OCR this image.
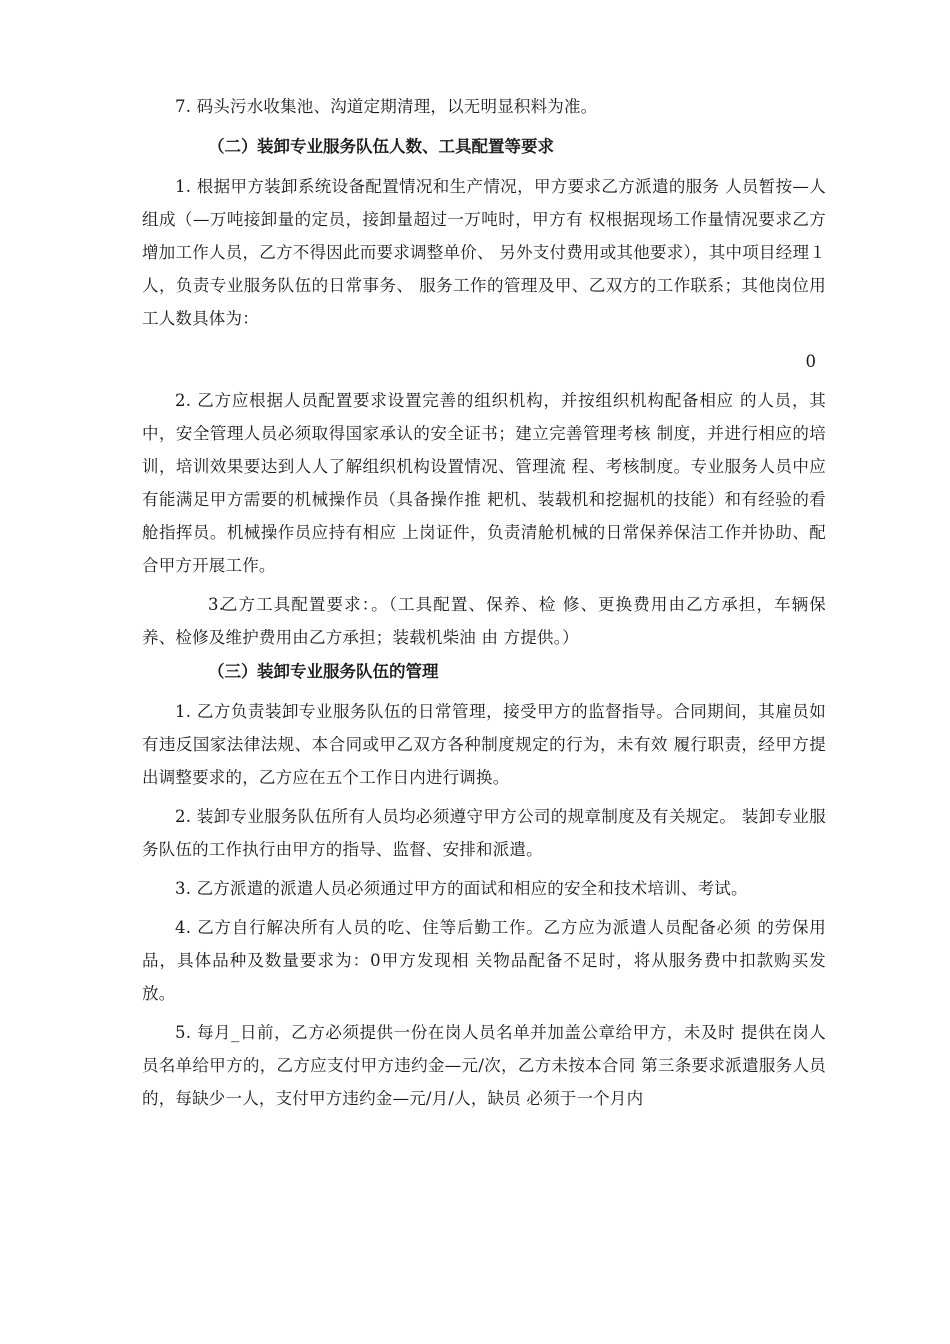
7. 码头污水收集池、沟道定期清理，以无明显积料为准。

（二）装卸专业服务队伍人数、工具配置等要求

1. 根据甲方装卸系统设备配置情况和生产情况，甲方要求乙方派遣的服务 人员暂按—人组成（—万吨接卸量的定员，接卸量超过一万吨时，甲方有 权根据现场工作量情况要求乙方增加工作人员，乙方不得因此而要求调整单价、 另外支付费用或其他要求），其中项目经理１人，负责专业服务队伍的日常事务、 服务工作的管理及甲、乙双方的工作联系；其他岗位用工人数具体为：

0

2. 乙方应根据人员配置要求设置完善的组织机构，并按组织机构配备相应 的人员，其中，安全管理人员必须取得国家承认的安全证书；建立完善管理考核 制度，并进行相应的培训，培训效果要达到人人了解组织机构设置情况、管理流 程、考核制度。专业服务人员中应有能满足甲方需要的机械操作员（具备操作推 耙机、装载机和挖掘机的技能）和有经验的看舱指挥员。机械操作员应持有相应 上岗证件，负责清舱机械的日常保养保洁工作并协助、配合甲方开展工作。

3.乙方工具配置要求：。（工具配置、保养、检 修、更换费用由乙方承担，车辆保养、检修及维护费用由乙方承担；装载机柴油 由 方提供。）

（三）装卸专业服务队伍的管理

1. 乙方负责装卸专业服务队伍的日常管理，接受甲方的监督指导。合同期间，其雇员如有违反国家法律法规、本合同或甲乙双方各种制度规定的行为，未有效 履行职责，经甲方提出调整要求的，乙方应在五个工作日内进行调换。

2. 装卸专业服务队伍所有人员均必须遵守甲方公司的规章制度及有关规定。 装卸专业服务队伍的工作执行由甲方的指导、监督、安排和派遣。

3. 乙方派遣的派遣人员必须通过甲方的面试和相应的安全和技术培训、考试。

4. 乙方自行解决所有人员的吃、住等后勤工作。乙方应为派遣人员配备必须 的劳保用品，具体品种及数量要求为：0甲方发现相 关物品配备不足时，将从服务费中扣款购买发放。

5. 每月_日前，乙方必须提供一份在岗人员名单并加盖公章给甲方，未及时 提供在岗人员名单给甲方的，乙方应支付甲方违约金—元/次，乙方未按本合同 第三条要求派遣服务人员的，每缺少一人，支付甲方违约金—元/月/人，缺员 必须于一个月内
